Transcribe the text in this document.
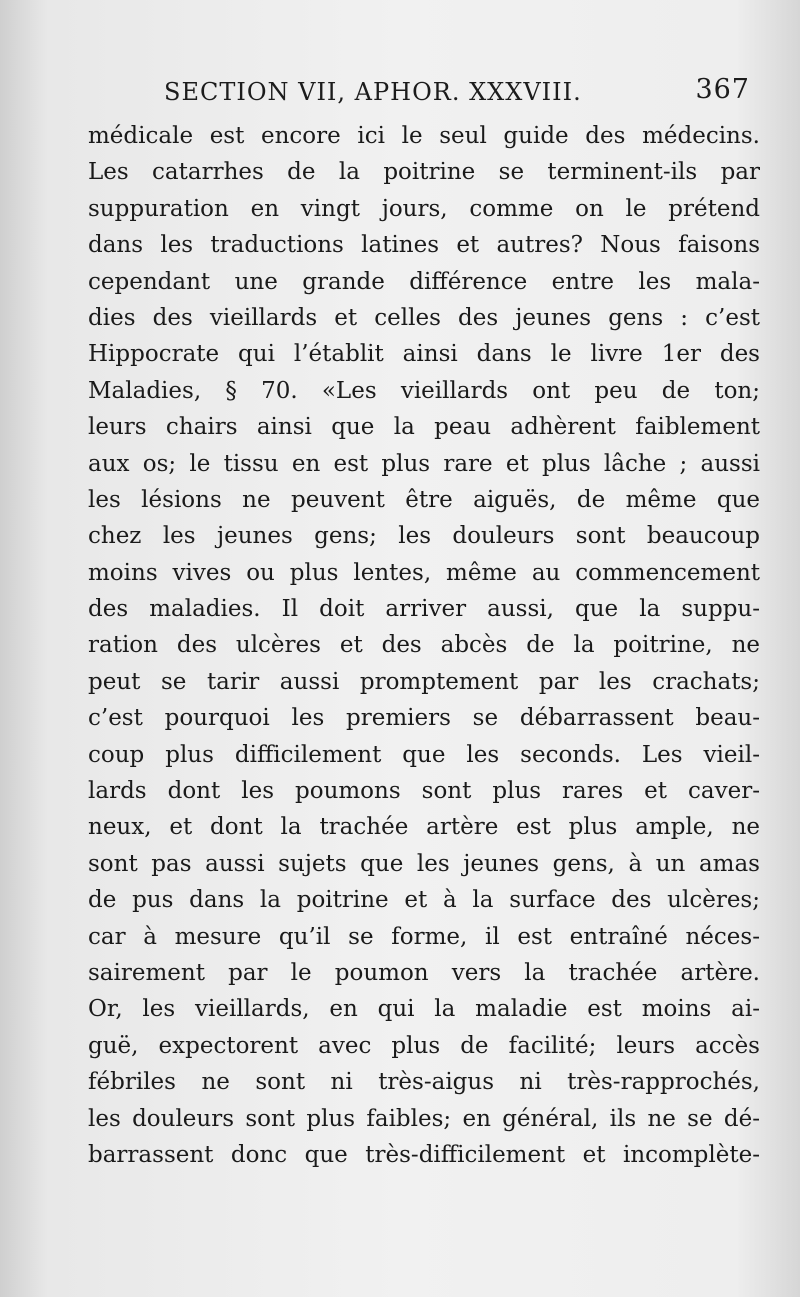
SECTION VII, APHOR. XXXVIII.	367
médicale est encore ici le seul guide des médecins.
Les catarrhes de la poitrine se terminent-ils par
suppuration en vingt jours, comme on le prétend
dans les traductions latines et autres? Nous faisons
cependant une grande différence entre les mala-
dies des vieillards et celles des jeunes gens : c’est
Hippocrate qui l’établit ainsi dans le livre 1er des
Maladies, § 70. «Les vieillards ont peu de ton;
leurs chairs ainsi que la peau adhèrent faiblement
aux os; le tissu en est plus rare et plus lâche ; aussi
les lésions ne peuvent être aiguës, de même que
chez les jeunes gens; les douleurs sont beaucoup
moins vives ou plus lentes, même au commencement
des maladies. Il doit arriver aussi, que la suppu-
ration des ulcères et des abcès de la poitrine, ne
peut se tarir aussi promptement par les crachats;
c’est pourquoi les premiers se débarrassent beau-
coup plus difficilement que les seconds. Les vieil-
lards dont les poumons sont plus rares et caver-
neux, et dont la trachée artère est plus ample, ne
sont pas aussi sujets que les jeunes gens, à un amas
de pus dans la poitrine et à la surface des ulcères;
car à mesure qu’il se forme, il est entraîné néces-
sairement par le poumon vers la trachée artère.
Or, les vieillards, en qui la maladie est moins ai-
guë, expectorent avec plus de facilité; leurs accès
fébriles ne sont ni très-aigus ni très-rapprochés,
les douleurs sont plus faibles; en général, ils ne se dé-
barrassent donc que très-difficilement et incomplète-
